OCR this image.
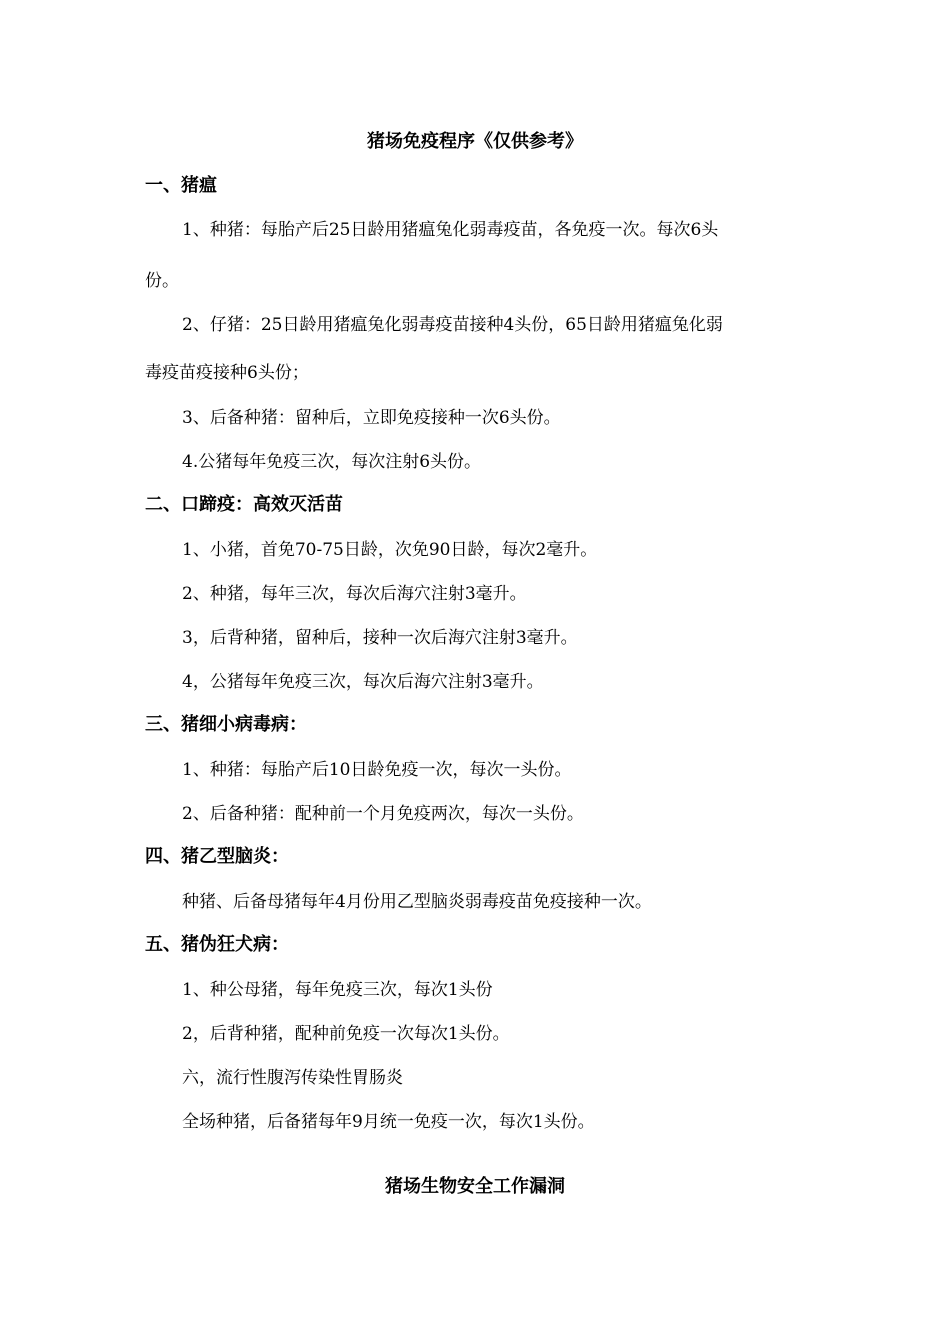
猪场免疫程序《仅供参考》
一、猪瘟
1、种猪：每胎产后25日龄用猪瘟兔化弱毒疫苗，各免疫一次。每次6头
份。
2、仔猪：25日龄用猪瘟兔化弱毒疫苗接种4头份，65日龄用猪瘟兔化弱
毒疫苗疫接种6头份；
3、后备种猪：留种后，立即免疫接种一次6头份。
4.公猪每年免疫三次，每次注射6头份。
二、口蹄疫：高效灭活苗
1、小猪，首免70-75日龄，次免90日龄，每次2毫升。
2、种猪，每年三次，每次后海穴注射3毫升。
3，后背种猪，留种后，接种一次后海穴注射3毫升。
4，公猪每年免疫三次，每次后海穴注射3毫升。
三、猪细小病毒病：
1、种猪：每胎产后10日龄免疫一次，每次一头份。
2、后备种猪：配种前一个月免疫两次，每次一头份。
四、猪乙型脑炎：
种猪、后备母猪每年4月份用乙型脑炎弱毒疫苗免疫接种一次。
五、猪伪狂犬病：
1、种公母猪，每年免疫三次，每次1头份
2，后背种猪，配种前免疫一次每次1头份。
六，流行性腹泻传染性胃肠炎
全场种猪，后备猪每年9月统一免疫一次，每次1头份。
猪场生物安全工作漏洞
